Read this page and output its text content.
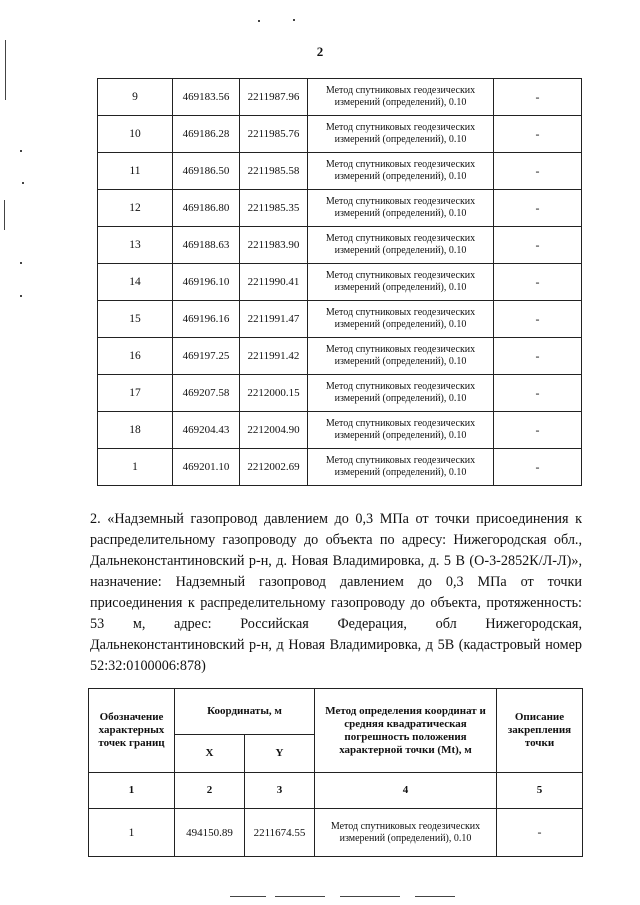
2
9	469183.56	2211987.96	Метод спутниковых геодезических измерений (определений), 0.10	-
10	469186.28	2211985.76	Метод спутниковых геодезических измерений (определений), 0.10	-
11	469186.50	2211985.58	Метод спутниковых геодезических измерений (определений), 0.10	-
12	469186.80	2211985.35	Метод спутниковых геодезических измерений (определений), 0.10	-
13	469188.63	2211983.90	Метод спутниковых геодезических измерений (определений), 0.10	-
14	469196.10	2211990.41	Метод спутниковых геодезических измерений (определений), 0.10	-
15	469196.16	2211991.47	Метод спутниковых геодезических измерений (определений), 0.10	-
16	469197.25	2211991.42	Метод спутниковых геодезических измерений (определений), 0.10	-
17	469207.58	2212000.15	Метод спутниковых геодезических измерений (определений), 0.10	-
18	469204.43	2212004.90	Метод спутниковых геодезических измерений (определений), 0.10	-
1	469201.10	2212002.69	Метод спутниковых геодезических измерений (определений), 0.10	-
2. «Надземный газопровод давлением до 0,3 МПа от точки присоединения к распределительному газопроводу до объекта по адресу: Нижегородская обл., Дальнеконстантиновский р-н, д. Новая Владимировка, д. 5 В (О-3-2852К/Л-Л)», назначение: Надземный газопровод давлением до 0,3 МПа от точки присоединения к распределительному газопроводу до объекта, протяженность: 53 м, адрес: Российская Федерация, обл Нижегородская, Дальнеконстантиновский р-н, д Новая Владимировка, д 5В (кадастровый номер 52:32:0100006:878)
Обозначение характерных точек границ	Координаты, м		Метод определения координат и средняя квадратическая погрешность положения характерной точки (Mt), м	Описание закрепления точки
	X	Y		
1	2	3	4	5
1	494150.89	2211674.55	Метод спутниковых геодезических измерений (определений), 0.10	-
